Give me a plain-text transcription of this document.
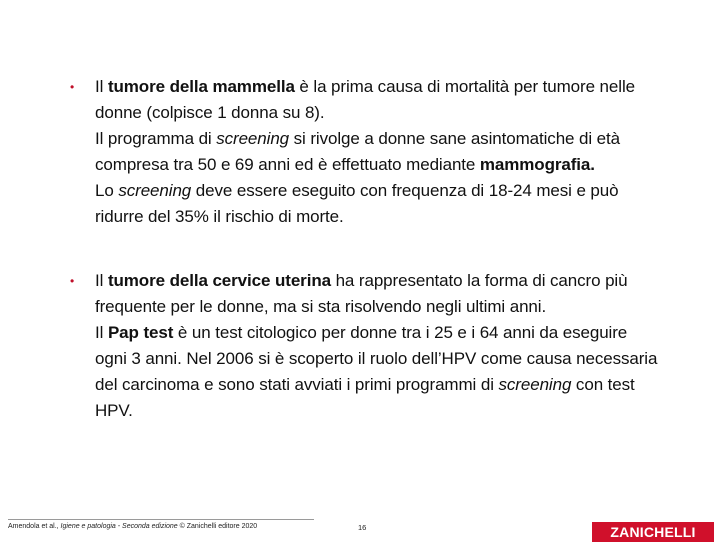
• Il tumore della mammella è la prima causa di mortalità per tumore nelle donne (colpisce 1 donna su 8).

Il programma di screening si rivolge a donne sane asintomatiche di età compresa tra 50 e 69 anni ed è effettuato mediante mammografia.

Lo screening deve essere eseguito con frequenza di 18-24 mesi e può ridurre del 35% il rischio di morte.

• Il tumore della cervice uterina ha rappresentato la forma di cancro più frequente per le donne, ma si sta risolvendo negli ultimi anni.

Il Pap test è un test citologico per donne tra i 25 e i 64 anni da eseguire ogni 3 anni. Nel 2006 si è scoperto il ruolo dell’HPV come causa necessaria del carcinoma e sono stati avviati i primi programmi di screening con test HPV.

Amendola et al., Igiene e patologia - Seconda edizione © Zanichelli editore 2020	16	ZANICHELLI
